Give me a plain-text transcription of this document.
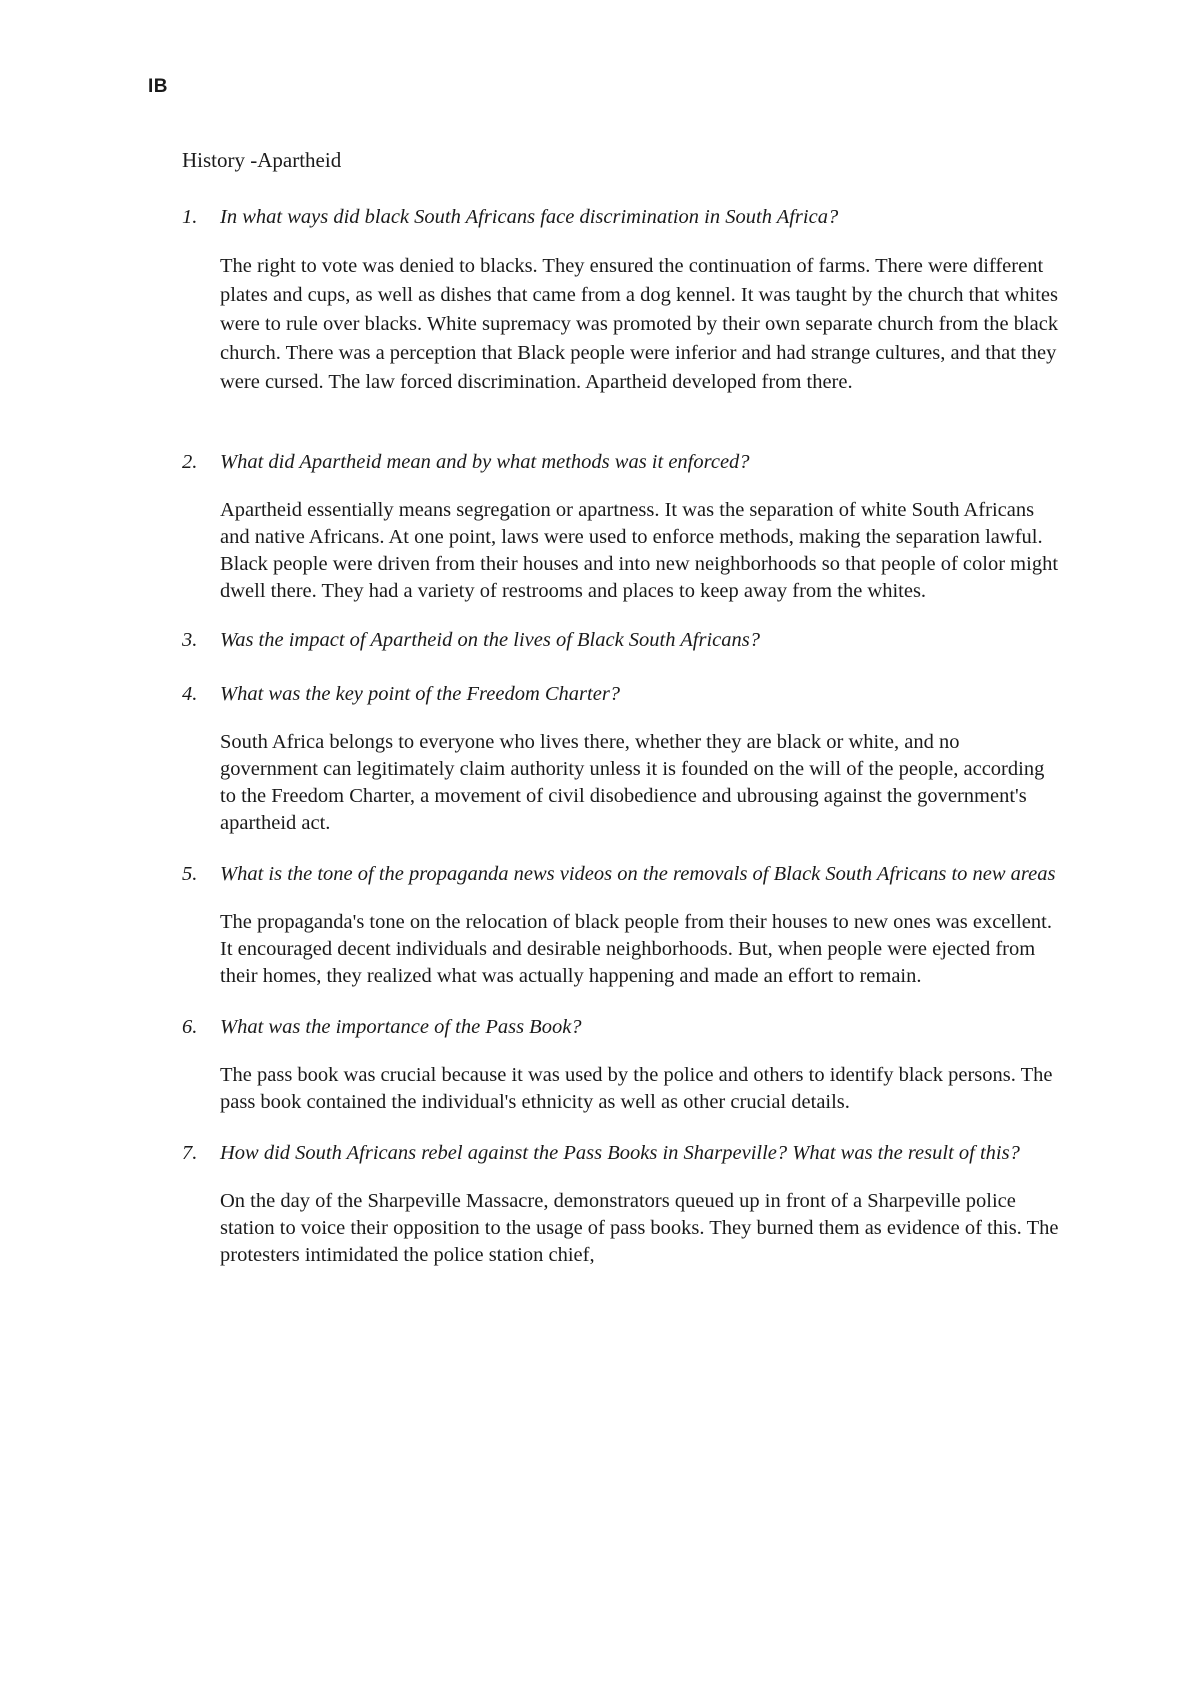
IB
History -Apartheid
1.	In what ways did black South Africans face discrimination in South Africa?
The right to vote was denied to blacks. They ensured the continuation of farms. There were different plates and cups, as well as dishes that came from a dog kennel. It was taught by the church that whites were to rule over blacks. White supremacy was promoted by their own separate church from the black church. There was a perception that Black people were inferior and had strange cultures, and that they were cursed. The law forced discrimination. Apartheid developed from there.
2.	What did Apartheid mean and by what methods was it enforced?
Apartheid essentially means segregation or apartness. It was the separation of white South Africans and native Africans. At one point, laws were used to enforce methods, making the separation lawful. Black people were driven from their houses and into new neighborhoods so that people of color might dwell there. They had a variety of restrooms and places to keep away from the whites.
3.	Was the impact of Apartheid on the lives of Black South Africans?
4.	What was the key point of the Freedom Charter?
South Africa belongs to everyone who lives there, whether they are black or white, and no government can legitimately claim authority unless it is founded on the will of the people, according to the Freedom Charter, a movement of civil disobedience and ubrousing against the government's apartheid act.
5.	What is the tone of the propaganda news videos on the removals of Black South Africans to new areas
The propaganda's tone on the relocation of black people from their houses to new ones was excellent. It encouraged decent individuals and desirable neighborhoods. But, when people were ejected from their homes, they realized what was actually happening and made an effort to remain.
6.	What was the importance of the Pass Book?
The pass book was crucial because it was used by the police and others to identify black persons. The pass book contained the individual's ethnicity as well as other crucial details.
7.	How did South Africans rebel against the Pass Books in Sharpeville? What was the result of this?
On the day of the Sharpeville Massacre, demonstrators queued up in front of a Sharpeville police station to voice their opposition to the usage of pass books. They burned them as evidence of this. The protesters intimidated the police station chief,
